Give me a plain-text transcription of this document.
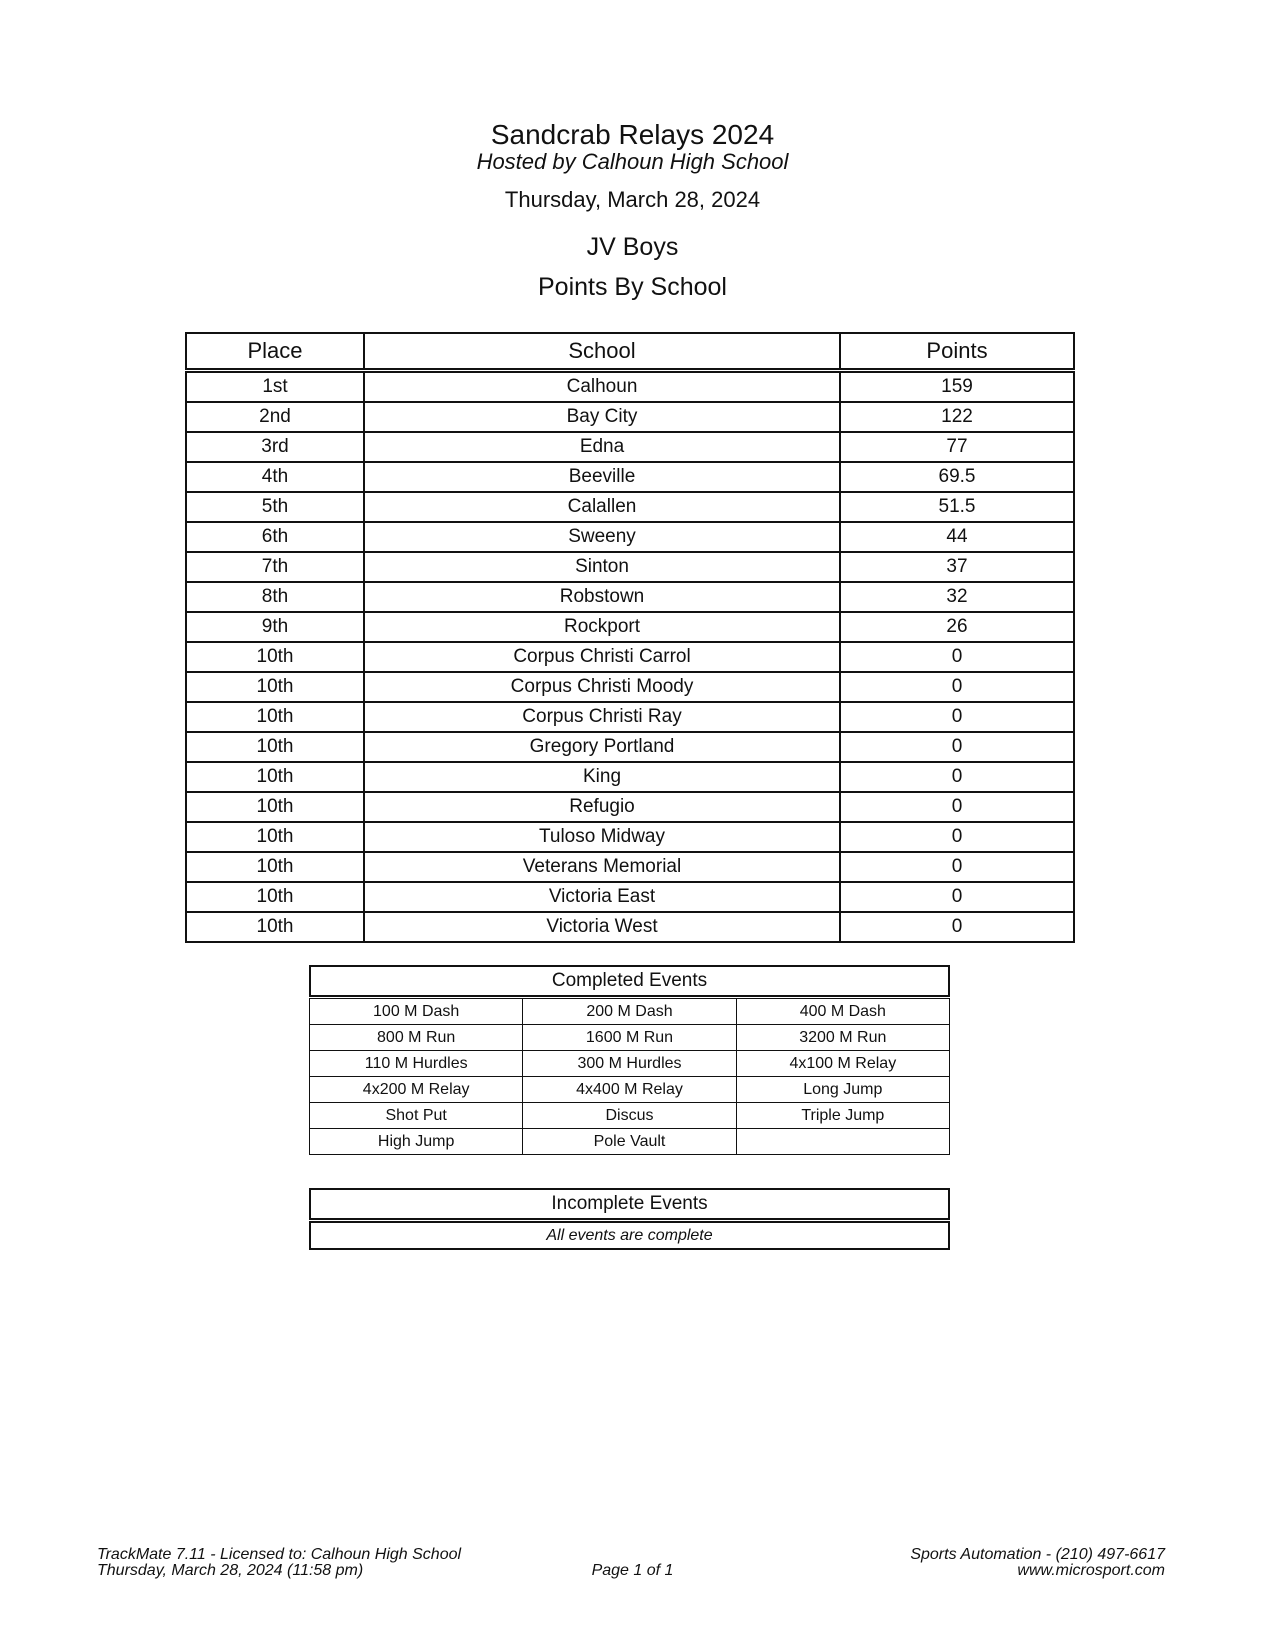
Sandcrab Relays 2024
Hosted by Calhoun High School
Thursday, March 28, 2024
JV Boys
Points By School
Place	School	Points
1st	Calhoun	159
2nd	Bay City	122
3rd	Edna	77
4th	Beeville	69.5
5th	Calallen	51.5
6th	Sweeny	44
7th	Sinton	37
8th	Robstown	32
9th	Rockport	26
10th	Corpus Christi Carrol	0
10th	Corpus Christi Moody	0
10th	Corpus Christi Ray	0
10th	Gregory Portland	0
10th	King	0
10th	Refugio	0
10th	Tuloso Midway	0
10th	Veterans Memorial	0
10th	Victoria East	0
10th	Victoria West	0
Completed Events
100 M Dash	200 M Dash	400 M Dash
800 M Run	1600 M Run	3200 M Run
110 M Hurdles	300 M Hurdles	4x100 M Relay
4x200 M Relay	4x400 M Relay	Long Jump
Shot Put	Discus	Triple Jump
High Jump	Pole Vault	
Incomplete Events
All events are complete
TrackMate 7.11 - Licensed to: Calhoun High School
Thursday, March 28, 2024 (11:58 pm)	Page 1 of 1
Sports Automation - (210) 497-6617
www.microsport.com
